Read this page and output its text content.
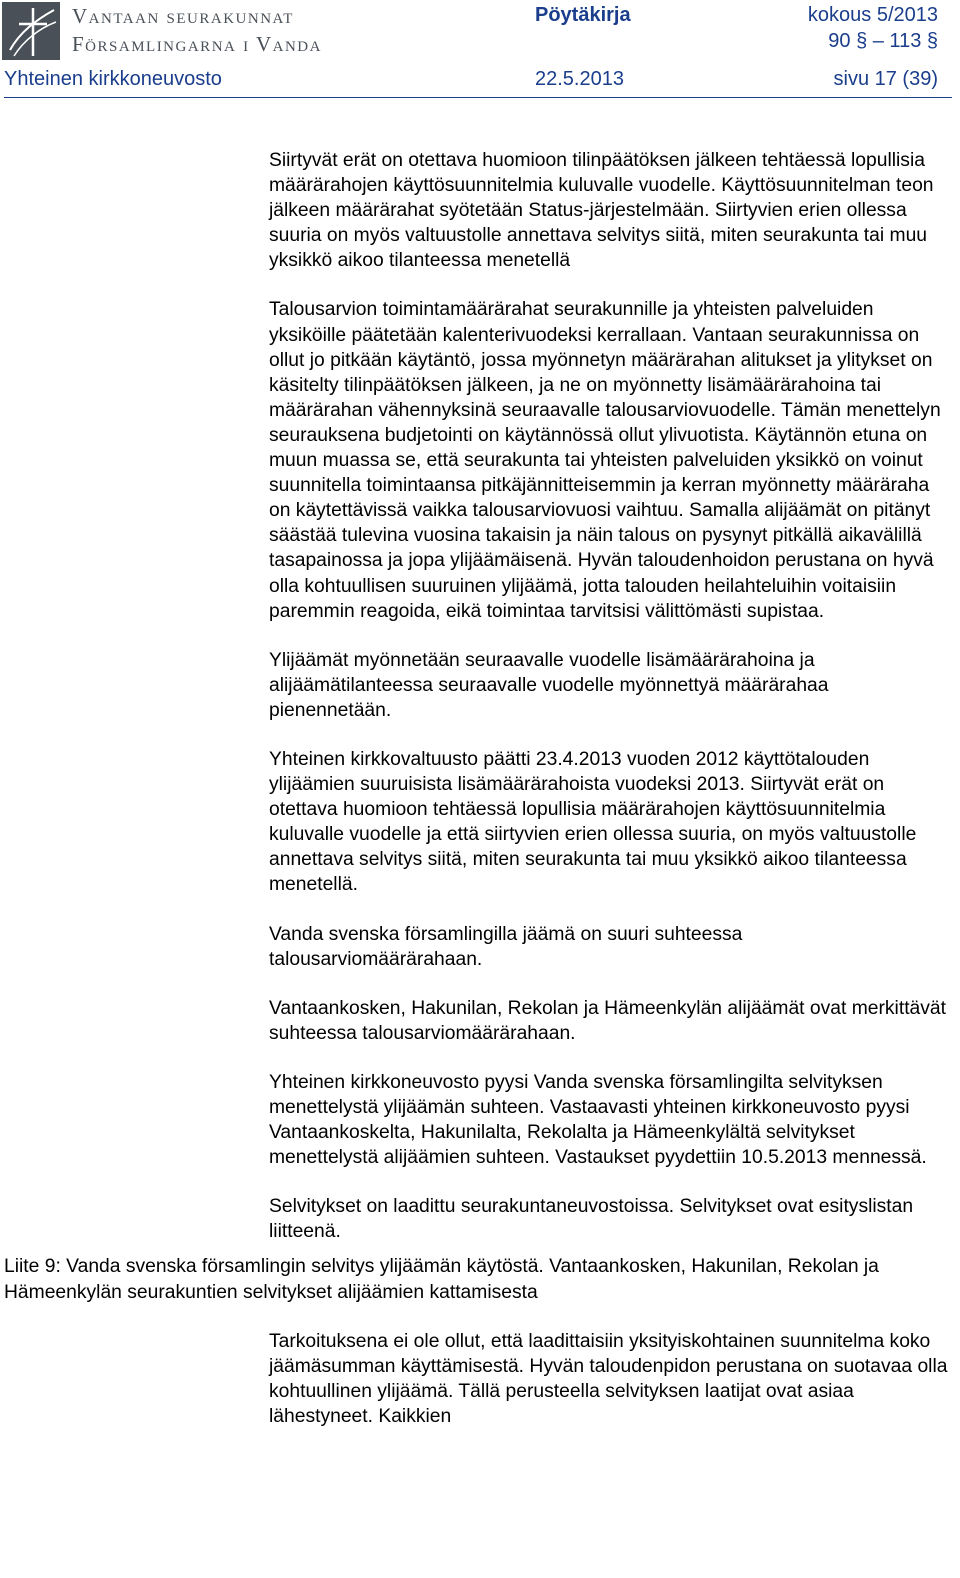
Vantaan seurakunnat
Församlingarna i Vanda
Pöytäkirja	kokous 5/2013
90 § – 113 §
Yhteinen kirkkoneuvosto	22.5.2013	sivu 17 (39)

Siirtyvät erät on otettava huomioon tilinpäätöksen jälkeen tehtäessä lopullisia määrärahojen käyttösuunnitelmia kuluvalle vuodelle. Käyttösuunnitelman teon jälkeen määrärahat syötetään Status-järjestelmään. Siirtyvien erien ollessa suuria on myös valtuustolle annettava selvitys siitä, miten seurakunta tai muu yksikkö aikoo tilanteessa menetellä

Talousarvion toimintamäärärahat seurakunnille ja yhteisten palveluiden yksiköille päätetään kalenterivuodeksi kerrallaan. Vantaan seurakunnissa on ollut jo pitkään käytäntö, jossa myönnetyn määrärahan alitukset ja ylitykset on käsitelty tilinpäätöksen jälkeen, ja ne on myönnetty lisämäärärahoina tai määrärahan vähennyksinä seuraavalle talousarviovuodelle. Tämän menettelyn seurauksena budjetointi on käytännössä ollut ylivuotista. Käytännön etuna on muun muassa se, että seurakunta tai yhteisten palveluiden yksikkö on voinut suunnitella toimintaansa pitkäjännitteisemmin ja kerran myönnetty määräraha on käytettävissä vaikka talousarviovuosi vaihtuu. Samalla alijäämät on pitänyt säästää tulevina vuosina takaisin ja näin talous on pysynyt pitkällä aikavälillä tasapainossa ja jopa ylijäämäisenä. Hyvän taloudenhoidon perustana on hyvä olla kohtuullisen suuruinen ylijäämä, jotta talouden heilahteluihin voitaisiin paremmin reagoida, eikä toimintaa tarvitsisi välittömästi supistaa.

Ylijäämät myönnetään seuraavalle vuodelle lisämäärärahoina ja alijäämätilanteessa seuraavalle vuodelle myönnettyä määrärahaa pienennetään.

Yhteinen kirkkovaltuusto päätti 23.4.2013 vuoden 2012 käyttötalouden ylijäämien suuruisista lisämäärärahoista vuodeksi 2013. Siirtyvät erät on otettava huomioon tehtäessä lopullisia määrärahojen käyttösuunnitelmia kuluvalle vuodelle ja että siirtyvien erien ollessa suuria, on myös valtuustolle annettava selvitys siitä, miten seurakunta tai muu yksikkö aikoo tilanteessa menetellä.

Vanda svenska församlingilla jäämä on suuri suhteessa talousarviomäärärahaan.

Vantaankosken, Hakunilan, Rekolan ja Hämeenkylän alijäämät ovat merkittävät suhteessa talousarviomäärärahaan.

Yhteinen kirkkoneuvosto pyysi Vanda svenska församlingilta selvityksen menettelystä ylijäämän suhteen. Vastaavasti yhteinen kirkkoneuvosto pyysi Vantaankoskelta, Hakunilalta, Rekolalta ja Hämeenkylältä selvitykset menettelystä alijäämien suhteen. Vastaukset pyydettiin 10.5.2013 mennessä.

Selvitykset on laadittu seurakuntaneuvostoissa. Selvitykset ovat esityslistan liitteenä.

Liite 9: Vanda svenska församlingin selvitys ylijäämän käytöstä. Vantaankosken, Hakunilan, Rekolan ja Hämeenkylän seurakuntien selvitykset alijäämien kattamisesta

Tarkoituksena ei ole ollut, että laadittaisiin yksityiskohtainen suunnitelma koko jäämäsumman käyttämisestä. Hyvän taloudenpidon perustana on suotavaa olla kohtuullinen ylijäämä. Tällä perusteella selvityksen laatijat ovat asiaa lähestyneet. Kaikkien
